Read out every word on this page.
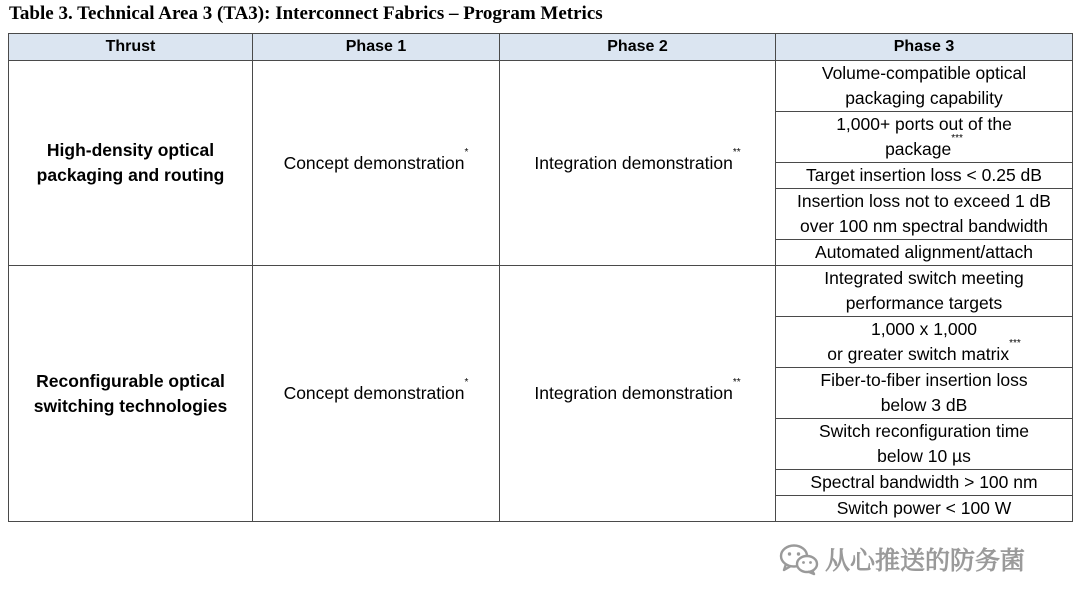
Table 3. Technical Area 3 (TA3): Interconnect Fabrics – Program Metrics
Thrust	Phase 1	Phase 2	Phase 3
High-density optical
packaging and routing	Concept demonstration*	Integration demonstration**	Volume-compatible optical
packaging capability
			1,000+ ports out of the
package***
			Target insertion loss < 0.25 dB
			Insertion loss not to exceed 1 dB
over 100 nm spectral bandwidth
			Automated alignment/attach
Reconfigurable optical
switching technologies	Concept demonstration*	Integration demonstration**	Integrated switch meeting
performance targets
			1,000 x 1,000
or greater switch matrix***
			Fiber-to-fiber insertion loss
below 3 dB
			Switch reconfiguration time
below 10 µs
			Spectral bandwidth > 100 nm
			Switch power < 100 W
从心推送的防务菌
